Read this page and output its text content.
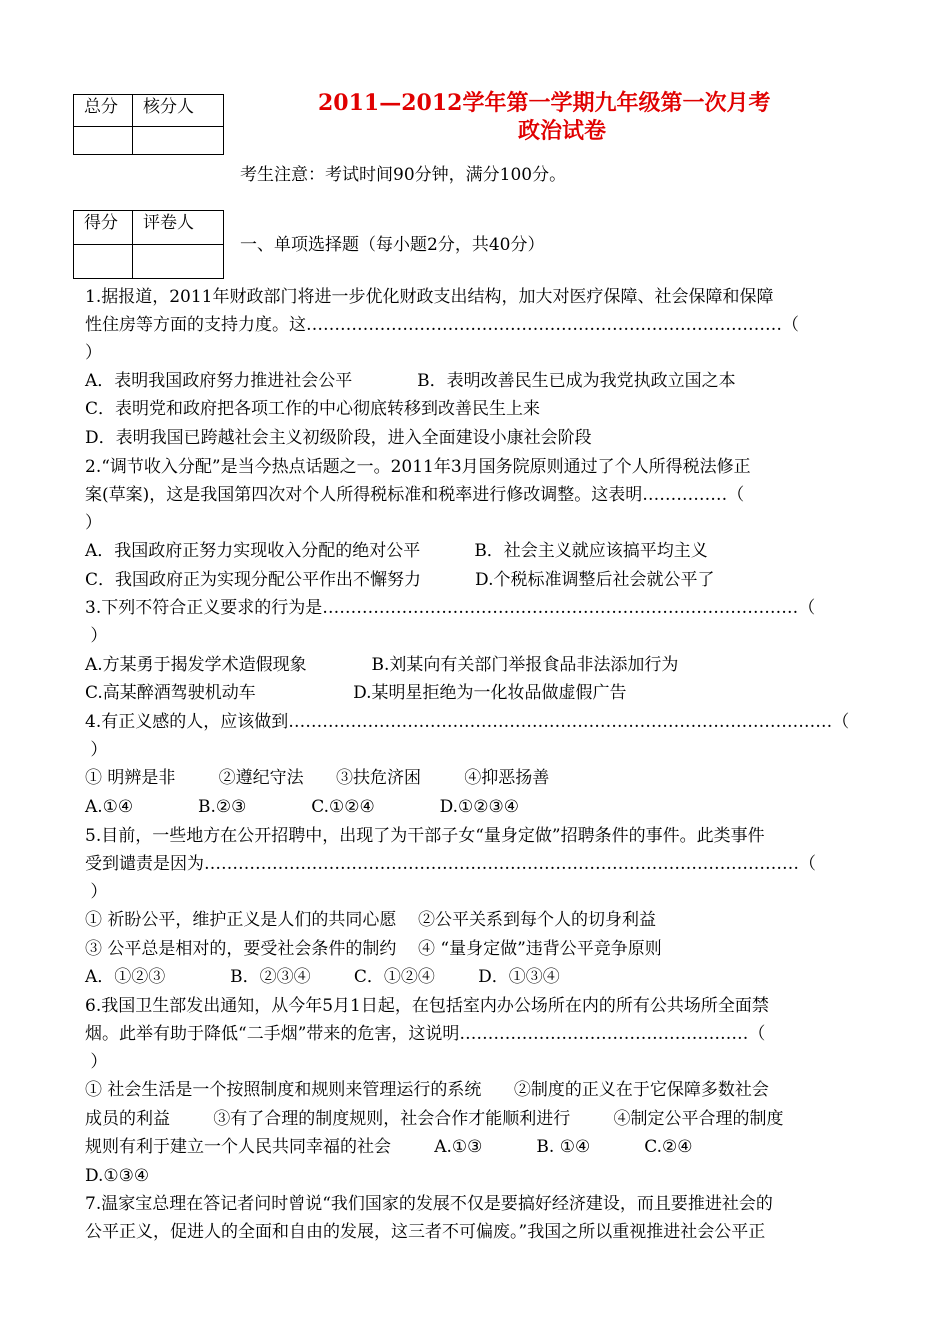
总分	核分人
		2011—2012学年第一学期九年级第一次月考
政治试卷
考生注意：考试时间90分钟，满分100分。
得分	评卷人

一、单项选择题（每小题2分，共40分）
1.据报道，2011年财政部门将进一步优化财政支出结构，加大对医疗保障、社会保障和保障
性住房等方面的支持力度。这…………………………………………………………………………（
）
A．表明我国政府努力推进社会公平            B．表明改善民生已成为我党执政立国之本
C．表明党和政府把各项工作的中心彻底转移到改善民生上来
D．表明我国已跨越社会主义初级阶段，进入全面建设小康社会阶段
2.“调节收入分配”是当今热点话题之一。2011年3月国务院原则通过了个人所得税法修正
案(草案)，这是我国第四次对个人所得税标准和税率进行修改调整。这表明……………（
）
A．我国政府正努力实现收入分配的绝对公平          B．社会主义就应该搞平均主义
C．我国政府正为实现分配公平作出不懈努力          D.个税标准调整后社会就公平了
3.下列不符合正义要求的行为是…………………………………………………………………………（
）
A.方某勇于揭发学术造假现象            B.刘某向有关部门举报食品非法添加行为
C.高某醉酒驾驶机动车                  D.某明星拒绝为一化妆品做虚假广告
4.有正义感的人，应该做到……………………………………………………………………………………（
）
① 明辨是非        ②遵纪守法      ③扶危济困        ④抑恶扬善
A.①④            B.②③            C.①②④            D.①②③④
5.目前，一些地方在公开招聘中，出现了为干部子女“量身定做”招聘条件的事件。此类事件
受到谴责是因为……………………………………………………………………………………………（
）
① 祈盼公平，维护正义是人们的共同心愿    ②公平关系到每个人的切身利益
③ 公平总是相对的，要受社会条件的制约    ④ “量身定做”违背公平竞争原则
A．①②③            B．②③④        C．①②④        D．①③④
6.我国卫生部发出通知，从今年5月1日起，在包括室内办公场所在内的所有公共场所全面禁
烟。此举有助于降低“二手烟”带来的危害，这说明……………………………………………（
）
① 社会生活是一个按照制度和规则来管理运行的系统      ②制度的正义在于它保障多数社会
成员的利益        ③有了合理的制度规则，社会合作才能顺利进行        ④制定公平合理的制度
规则有利于建立一个人民共同幸福的社会        A.①③          B. ①④          C.②④
D.①③④
7.温家宝总理在答记者问时曾说“我们国家的发展不仅是要搞好经济建设，而且要推进社会的
公平正义，促进人的全面和自由的发展，这三者不可偏废。”我国之所以重视推进社会公平正
